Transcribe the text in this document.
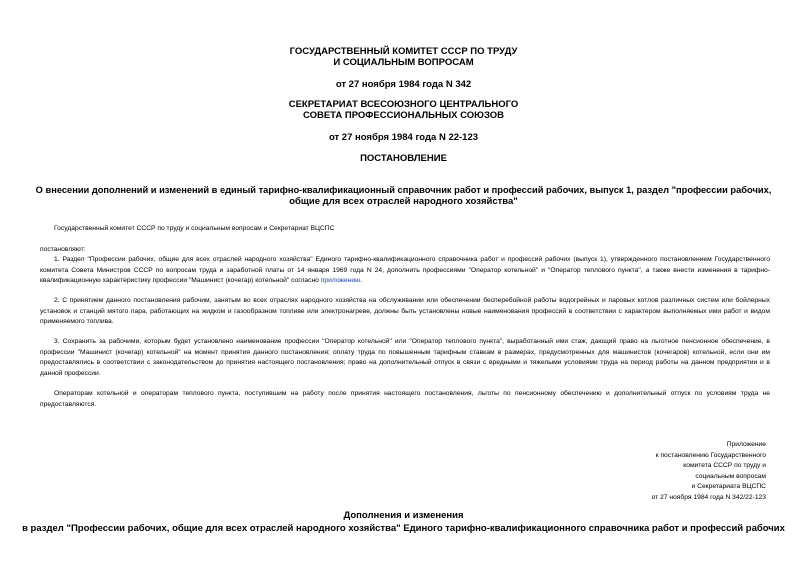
ГОСУДАРСТВЕННЫЙ КОМИТЕТ СССР ПО ТРУДУ
И СОЦИАЛЬНЫМ ВОПРОСАМ
от 27 ноября 1984 года N 342
СЕКРЕТАРИАТ ВСЕСОЮЗНОГО ЦЕНТРАЛЬНОГО
СОВЕТА ПРОФЕССИОНАЛЬНЫХ СОЮЗОВ
от 27 ноября 1984 года N 22-123
ПОСТАНОВЛЕНИЕ
О внесении дополнений и изменений в единый тарифно-квалификационный справочник работ и профессий рабочих, выпуск 1, раздел "профессии рабочих,
общие для всех отраслей народного хозяйства"
Государственный комитет СССР по труду и социальным вопросам и Секретариат ВЦСПС
постановляют:
1. Раздел "Профессии рабочих, общие для всех отраслей народного хозяйства" Единого тарифно-квалификационного справочника работ и профессий рабочих (выпуск 1), утвержденного постановлением Государственного комитета Совета Министров СССР по вопросам труда и заработной платы от 14 января 1969 года N 24, дополнить профессиями "Оператор котельной" и "Оператор теплового пункта", а также внести изменения в тарифно-квалификационную характеристику профессии "Машинист (кочегар) котельной" согласно приложению.
2. С принятием данного постановления рабочим, занятым во всех отраслях народного хозяйства на обслуживании или обеспечении бесперебойной работы водогрейных и паровых котлов различных систем или бойлерных установок и станций мятого пара, работающих на жидком и газообразном топливе или электронагреве, должны быть установлены новые наименования профессий в соответствии с характером выполняемых ими работ и видом применяемого топлива.
3. Сохранить за рабочими, которым будет установлено наименование профессии "Оператор котельной" или "Оператор теплового пункта", выработанный ими стаж, дающий право на льготное пенсионное обеспечение, в профессии "Машинист (кочегар) котельной" на момент принятия данного постановления; оплату труда по повышенным тарифным ставкам в размерах, предусмотренных для машинистов (кочегаров) котельной, если они им предоставлялись в соответствии с законодательством до принятия настоящего постановления; право на дополнительный отпуск в связи с вредными и тяжелыми условиями труда на период работы на данном предприятии и в данной профессии.
Операторам котельной и операторам теплового пункта, поступившим на работу после принятия настоящего постановления, льготы по пенсионному обеспечению и дополнительный отпуск по условиям труда не предоставляются.
Приложение
к постановлению Государственного
комитета СССР по труду и
социальным вопросам
и Секретариата ВЦСПС
от 27 ноября 1984 года N 342/22-123
Дополнения и изменения
в раздел "Профессии рабочих, общие для всех отраслей народного хозяйства" Единого тарифно-квалификационного справочника работ и профессий рабочих
